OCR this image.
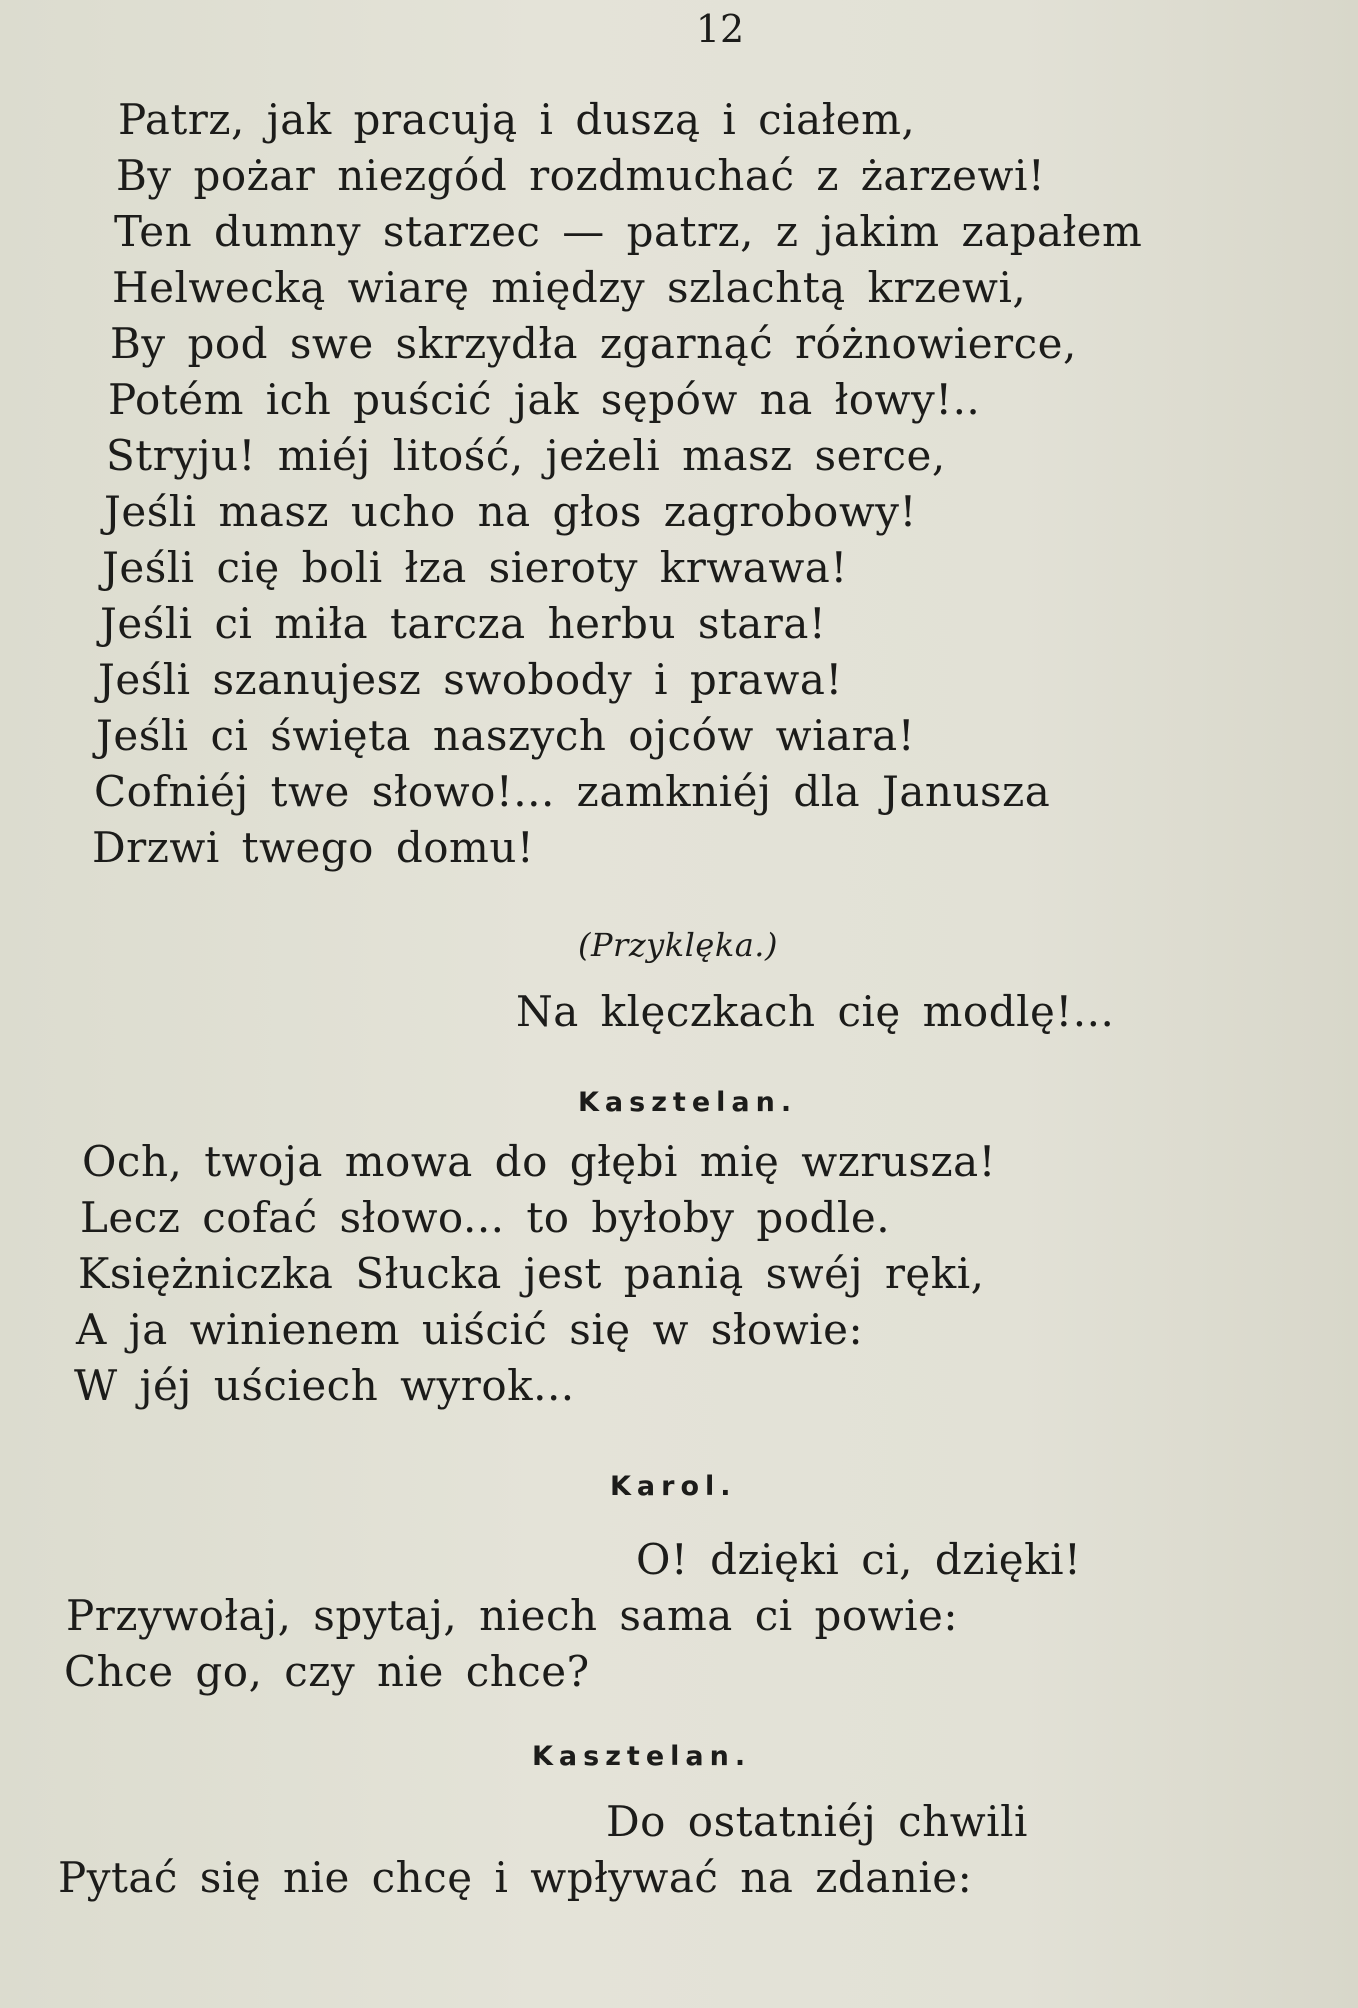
12
Patrz, jak pracują i duszą i ciałem,
By pożar niezgód rozdmuchać z żarzewi!
Ten dumny starzec — patrz, z jakim zapałem
Helwecką wiarę między szlachtą krzewi,
By pod swe skrzydła zgarnąć różnowierce,
Potém ich puścić jak sępów na łowy!..
Stryju! miéj litość, jeżeli masz serce,
Jeśli masz ucho na głos zagrobowy!
Jeśli cię boli łza sieroty krwawa!
Jeśli ci miła tarcza herbu stara!
Jeśli szanujesz swobody i prawa!
Jeśli ci święta naszych ojców wiara!
Cofniéj twe słowo!... zamkniéj dla Janusza
Drzwi twego domu!
(Przyklęka.)
Na klęczkach cię modlę!...
Kasztelan.
Och, twoja mowa do głębi mię wzrusza!
Lecz cofać słowo... to byłoby podle.
Księżniczka Słucka jest panią swéj ręki,
A ja winienem uiścić się w słowie:
W jéj uściech wyrok...
Karol.
O! dzięki ci, dzięki!
Przywołaj, spytaj, niech sama ci powie:
Chce go, czy nie chce?
Kasztelan.
Do ostatniéj chwili
Pytać się nie chcę i wpływać na zdanie:
